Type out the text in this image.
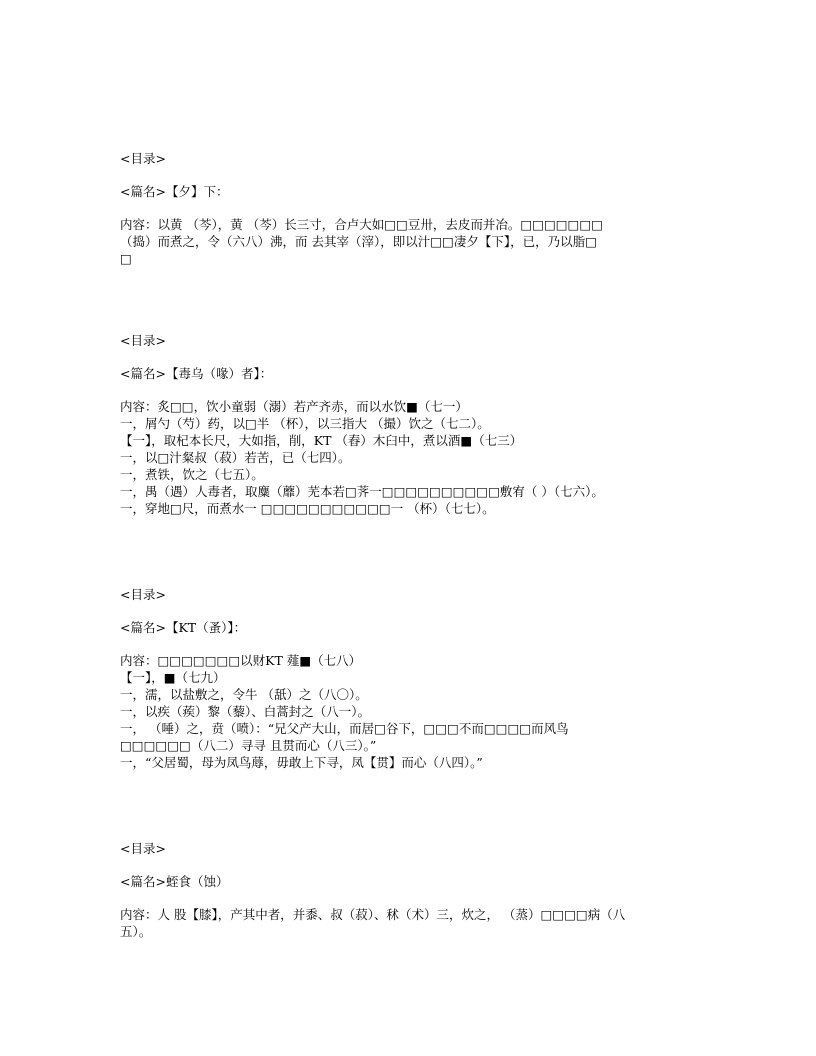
<目录>
<篇名>【夕】下：
内容：以黄 （芩），黄 （芩）长三寸，合卢大如□□豆卅，去皮而并冶。□□□□□□□
（捣）而煮之，令（六八）沸，而 去其宰（滓），即以汁□□凄夕【下】，已，乃以脂□
□
<目录>
<篇名>【毒乌（喙）者】：
内容：炙□□，饮小童弱（溺）若产齐赤，而以水饮■（七一）
一，屑勺（芍）药，以□半 （杯），以三指大 （撮）饮之（七二）。
【一】，取杞本长尺，大如指，削，KT （舂）木臼中，煮以酒■（七三）
一，以□汁粲叔（菽）若苦，已（七四）。
一，煮铁，饮之（七五）。
一，禺（遇）人毒者，取麋（蘼）芜本若□荠一□□□□□□□□□□敷宥（ ）（七六）。
一，穿地□尺，而煮水一 □□□□□□□□□□□一 （杯）（七七）。
<目录>
<篇名>【KT（蚤）】：
内容：□□□□□□□以财KT 薤■（七八）
【一】，■（七九）
一，濡，以盐敷之，令牛 （舐）之（八〇）。
一，以疾（蒺）黎（藜）、白蒿封之（八一）。
一， （唾）之，贲（喷）：“兄父产大山，而居□谷下，□□□不而□□□□而风鸟
□□□□□□（八二）寻寻 且贯而心（八三）。”
一，“父居蜀，母为凤鸟蓐，毋敢上下寻，凤【贯】而心（八四）。”
<目录>
<篇名>蛭食（蚀）
内容：人 股【膝】，产其中者，并黍、叔（菽）、秫（术）三，炊之， （蒸）□□□□病（八
五）。
